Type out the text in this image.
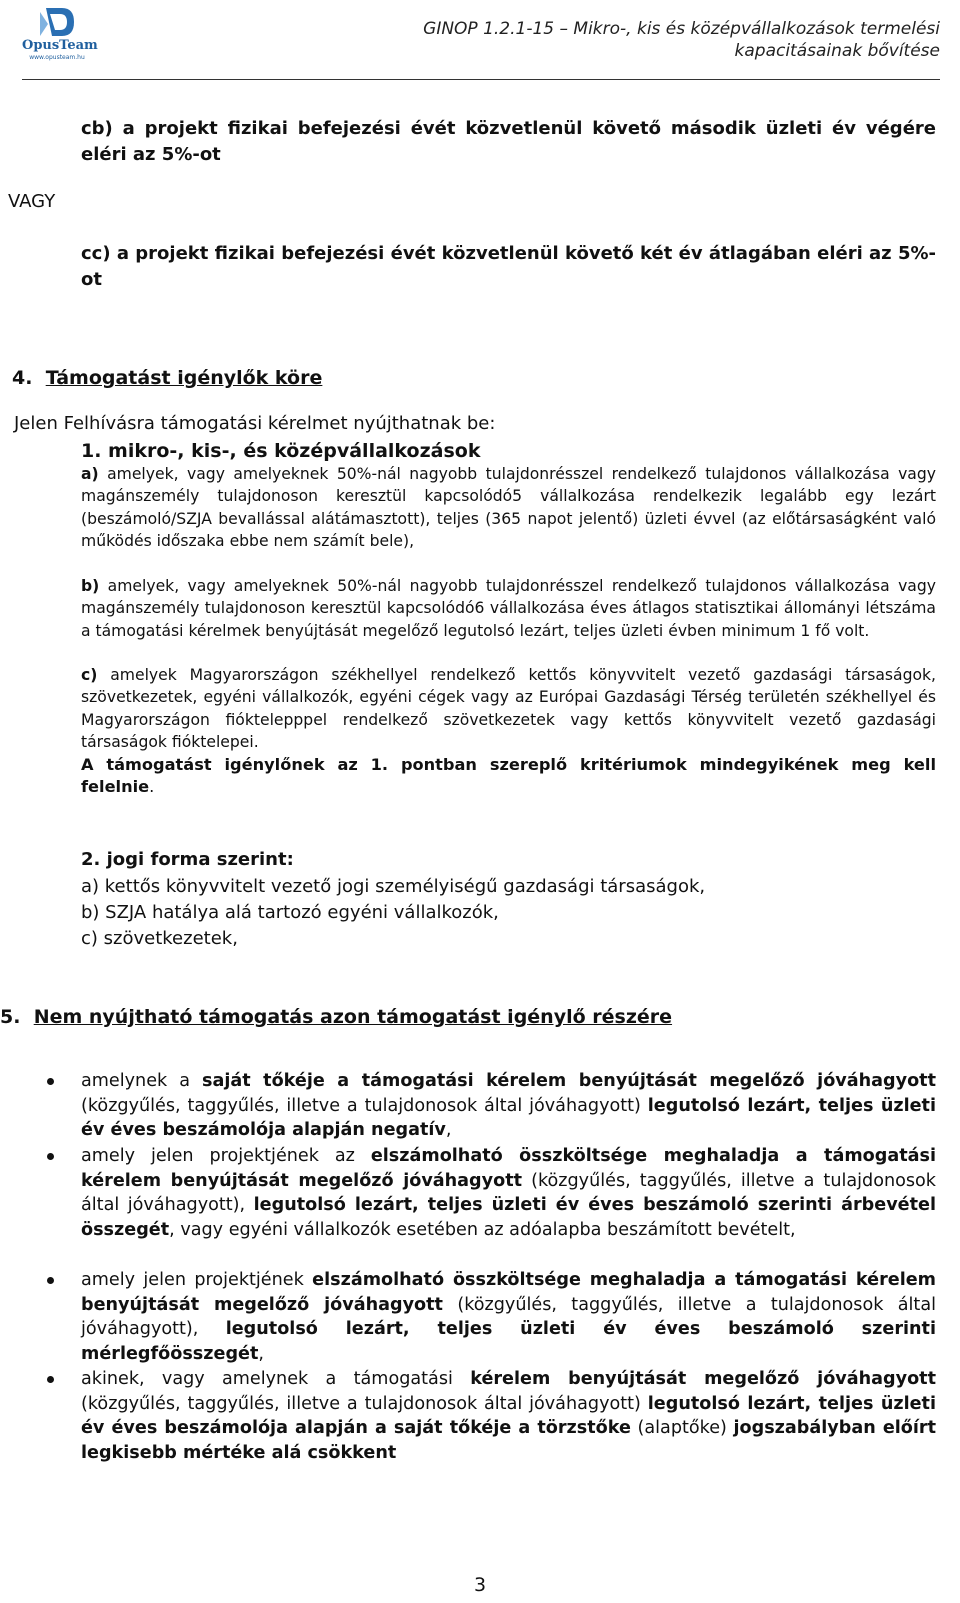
OpusTeam
www.opusteam.hu
GINOP 1.2.1-15 – Mikro-, kis és középvállalkozások termelési
kapacitásainak bővítése
cb) a projekt fizikai befejezési évét közvetlenül követő második üzleti év végére eléri az 5%-ot
VAGY
cc) a projekt fizikai befejezési évét közvetlenül követő két év átlagában eléri az 5%-ot
4. Támogatást igénylők köre
Jelen Felhívásra támogatási kérelmet nyújthatnak be:
1. mikro-, kis-, és középvállalkozások
a) amelyek, vagy amelyeknek 50%-nál nagyobb tulajdonrésszel rendelkező tulajdonos vállalkozása vagy magánszemély tulajdonoson keresztül kapcsolódó5 vállalkozása rendelkezik legalább egy lezárt (beszámoló/SZJA bevallással alátámasztott), teljes (365 napot jelentő) üzleti évvel (az előtársaságként való működés időszaka ebbe nem számít bele),
b) amelyek, vagy amelyeknek 50%-nál nagyobb tulajdonrésszel rendelkező tulajdonos vállalkozása vagy magánszemély tulajdonoson keresztül kapcsolódó6 vállalkozása éves átlagos statisztikai állományi létszáma a támogatási kérelmek benyújtását megelőző legutolsó lezárt, teljes üzleti évben minimum 1 fő volt.
c) amelyek Magyarországon székhellyel rendelkező kettős könyvvitelt vezető gazdasági társaságok, szövetkezetek, egyéni vállalkozók, egyéni cégek vagy az Európai Gazdasági Térség területén székhellyel és Magyarországon fióktelepppel rendelkező szövetkezetek vagy kettős könyvvitelt vezető gazdasági társaságok fióktelepei.
A támogatást igénylőnek az 1. pontban szereplő kritériumok mindegyikének meg kell felelnie.
2. jogi forma szerint:
a) kettős könyvvitelt vezető jogi személyiségű gazdasági társaságok,
b) SZJA hatálya alá tartozó egyéni vállalkozók,
c) szövetkezetek,
5. Nem nyújtható támogatás azon támogatást igénylő részére
amelynek a saját tőkéje a támogatási kérelem benyújtását megelőző jóváhagyott (közgyűlés, taggyűlés, illetve a tulajdonosok által jóváhagyott) legutolsó lezárt, teljes üzleti év éves beszámolója alapján negatív,
amely jelen projektjének az elszámolható összköltsége meghaladja a támogatási kérelem benyújtását megelőző jóváhagyott (közgyűlés, taggyűlés, illetve a tulajdonosok által jóváhagyott), legutolsó lezárt, teljes üzleti év éves beszámoló szerinti árbevétel összegét, vagy egyéni vállalkozók esetében az adóalapba beszámított bevételt,
amely jelen projektjének elszámolható összköltsége meghaladja a támogatási kérelem benyújtását megelőző jóváhagyott (közgyűlés, taggyűlés, illetve a tulajdonosok által jóváhagyott), legutolsó lezárt, teljes üzleti év éves beszámoló szerinti mérlegfőösszegét,
akinek, vagy amelynek a támogatási kérelem benyújtását megelőző jóváhagyott (közgyűlés, taggyűlés, illetve a tulajdonosok által jóváhagyott) legutolsó lezárt, teljes üzleti év éves beszámolója alapján a saját tőkéje a törzstőke (alaptőke) jogszabályban előírt legkisebb mértéke alá csökkent
3
